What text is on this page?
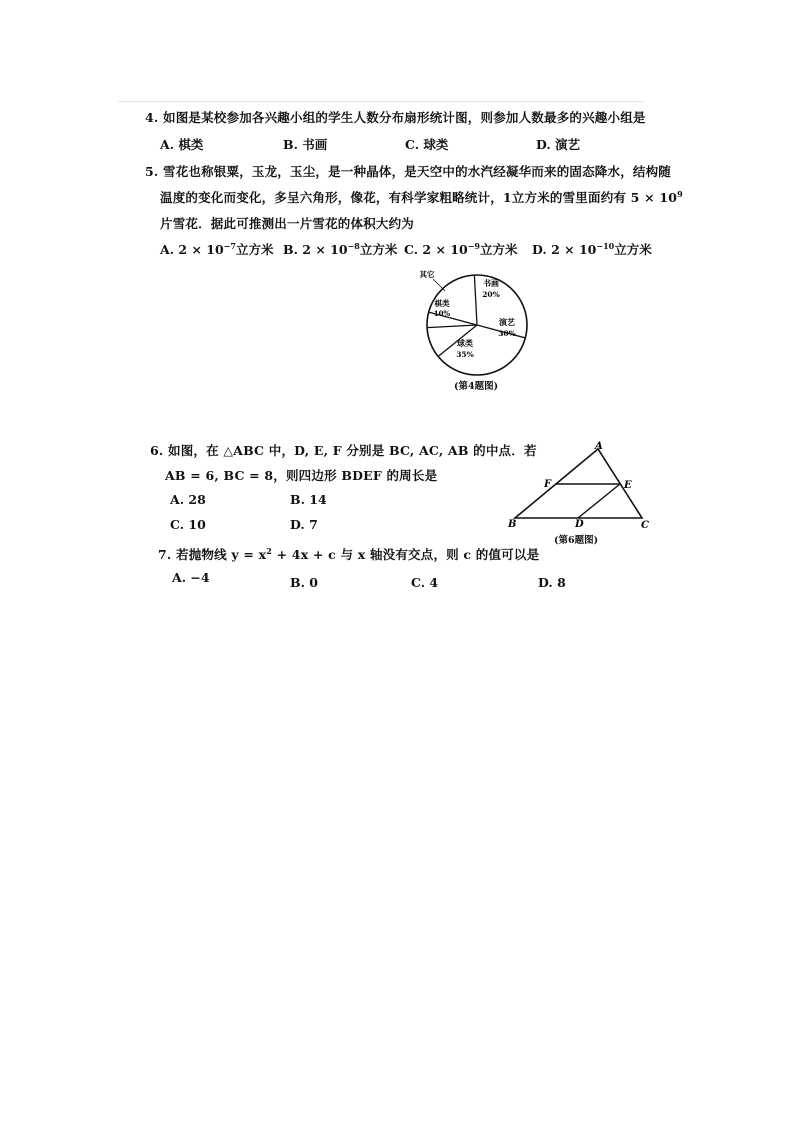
4. 如图是某校参加各兴趣小组的学生人数分布扇形统计图，则参加人数最多的兴趣小组是
A. 棋类	B. 书画	C. 球类	D. 演艺
5. 雪花也称银粟，玉龙，玉尘，是一种晶体，是天空中的水汽经凝华而来的固态降水，结构随
温度的变化而变化，多呈六角形，像花，有科学家粗略统计，1立方米的雪里面约有 $5 \times 10^9$
片雪花．据此可推测出一片雪花的体积大约为
A. $2 \times 10^{-7}$立方米 B. $2 \times 10^{-8}$立方米 C. $2 \times 10^{-9}$立方米 D. $2 \times 10^{-10}$立方米
书画
20%
演艺
30%
球类
35%
棋类
10%
其它
(第4题图)
6. 如图，在 △ABC 中，D, E, F 分别是 BC, AC, AB 的中点．若
AB = 6, BC = 8，则四边形 BDEF 的周长是
A. 28	B. 14
C. 10	D. 7
A
B	C
D
E
F
(第6题图)
7. 若抛物线 $y = x^2 + 4x + c$ 与 x 轴没有交点，则 c 的值可以是
A. −4	B. 0	C. 4	D. 8
